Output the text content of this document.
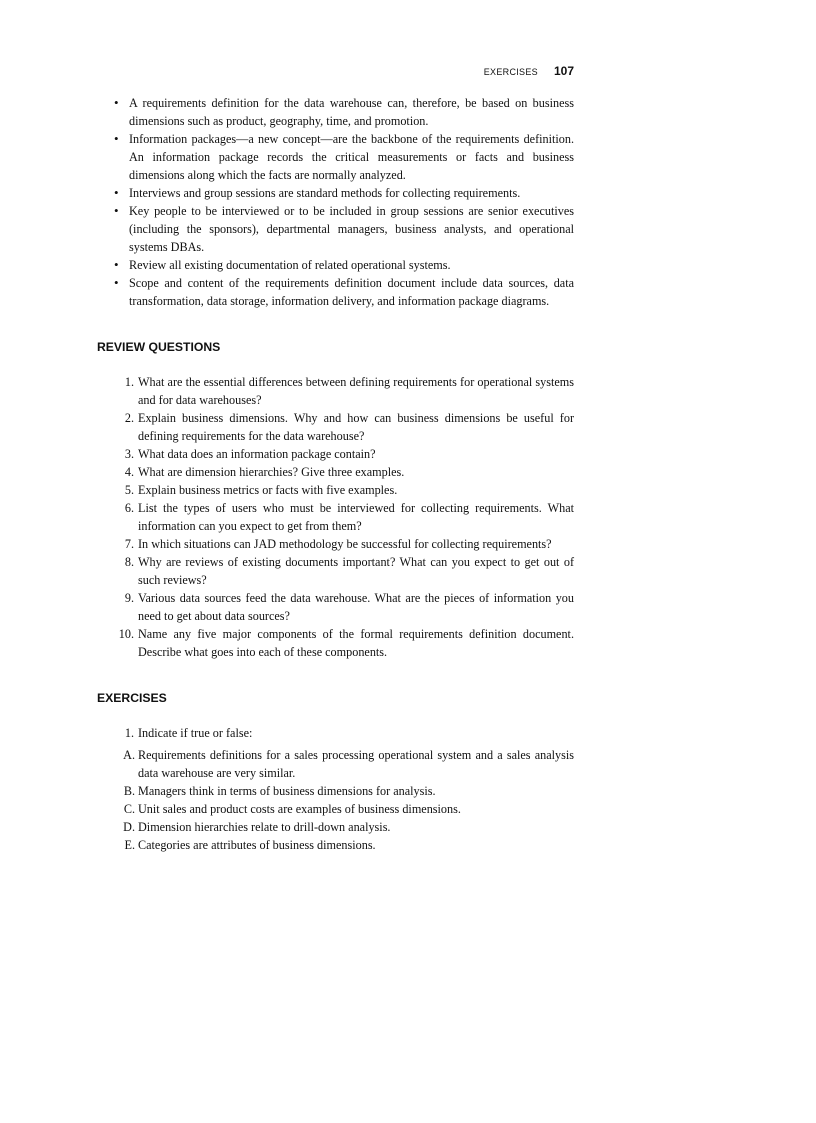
EXERCISES 107
• A requirements definition for the data warehouse can, therefore, be based on business dimensions such as product, geography, time, and promotion.
• Information packages—a new concept—are the backbone of the requirements definition. An information package records the critical measurements or facts and business dimensions along which the facts are normally analyzed.
• Interviews and group sessions are standard methods for collecting requirements.
• Key people to be interviewed or to be included in group sessions are senior executives (including the sponsors), departmental managers, business analysts, and operational systems DBAs.
• Review all existing documentation of related operational systems.
• Scope and content of the requirements definition document include data sources, data transformation, data storage, information delivery, and information package diagrams.
REVIEW QUESTIONS
1. What are the essential differences between defining requirements for operational systems and for data warehouses?
2. Explain business dimensions. Why and how can business dimensions be useful for defining requirements for the data warehouse?
3. What data does an information package contain?
4. What are dimension hierarchies? Give three examples.
5. Explain business metrics or facts with five examples.
6. List the types of users who must be interviewed for collecting requirements. What information can you expect to get from them?
7. In which situations can JAD methodology be successful for collecting requirements?
8. Why are reviews of existing documents important? What can you expect to get out of such reviews?
9. Various data sources feed the data warehouse. What are the pieces of information you need to get about data sources?
10. Name any five major components of the formal requirements definition document. Describe what goes into each of these components.
EXERCISES
1. Indicate if true or false:
A. Requirements definitions for a sales processing operational system and a sales analysis data warehouse are very similar.
B. Managers think in terms of business dimensions for analysis.
C. Unit sales and product costs are examples of business dimensions.
D. Dimension hierarchies relate to drill-down analysis.
E. Categories are attributes of business dimensions.
